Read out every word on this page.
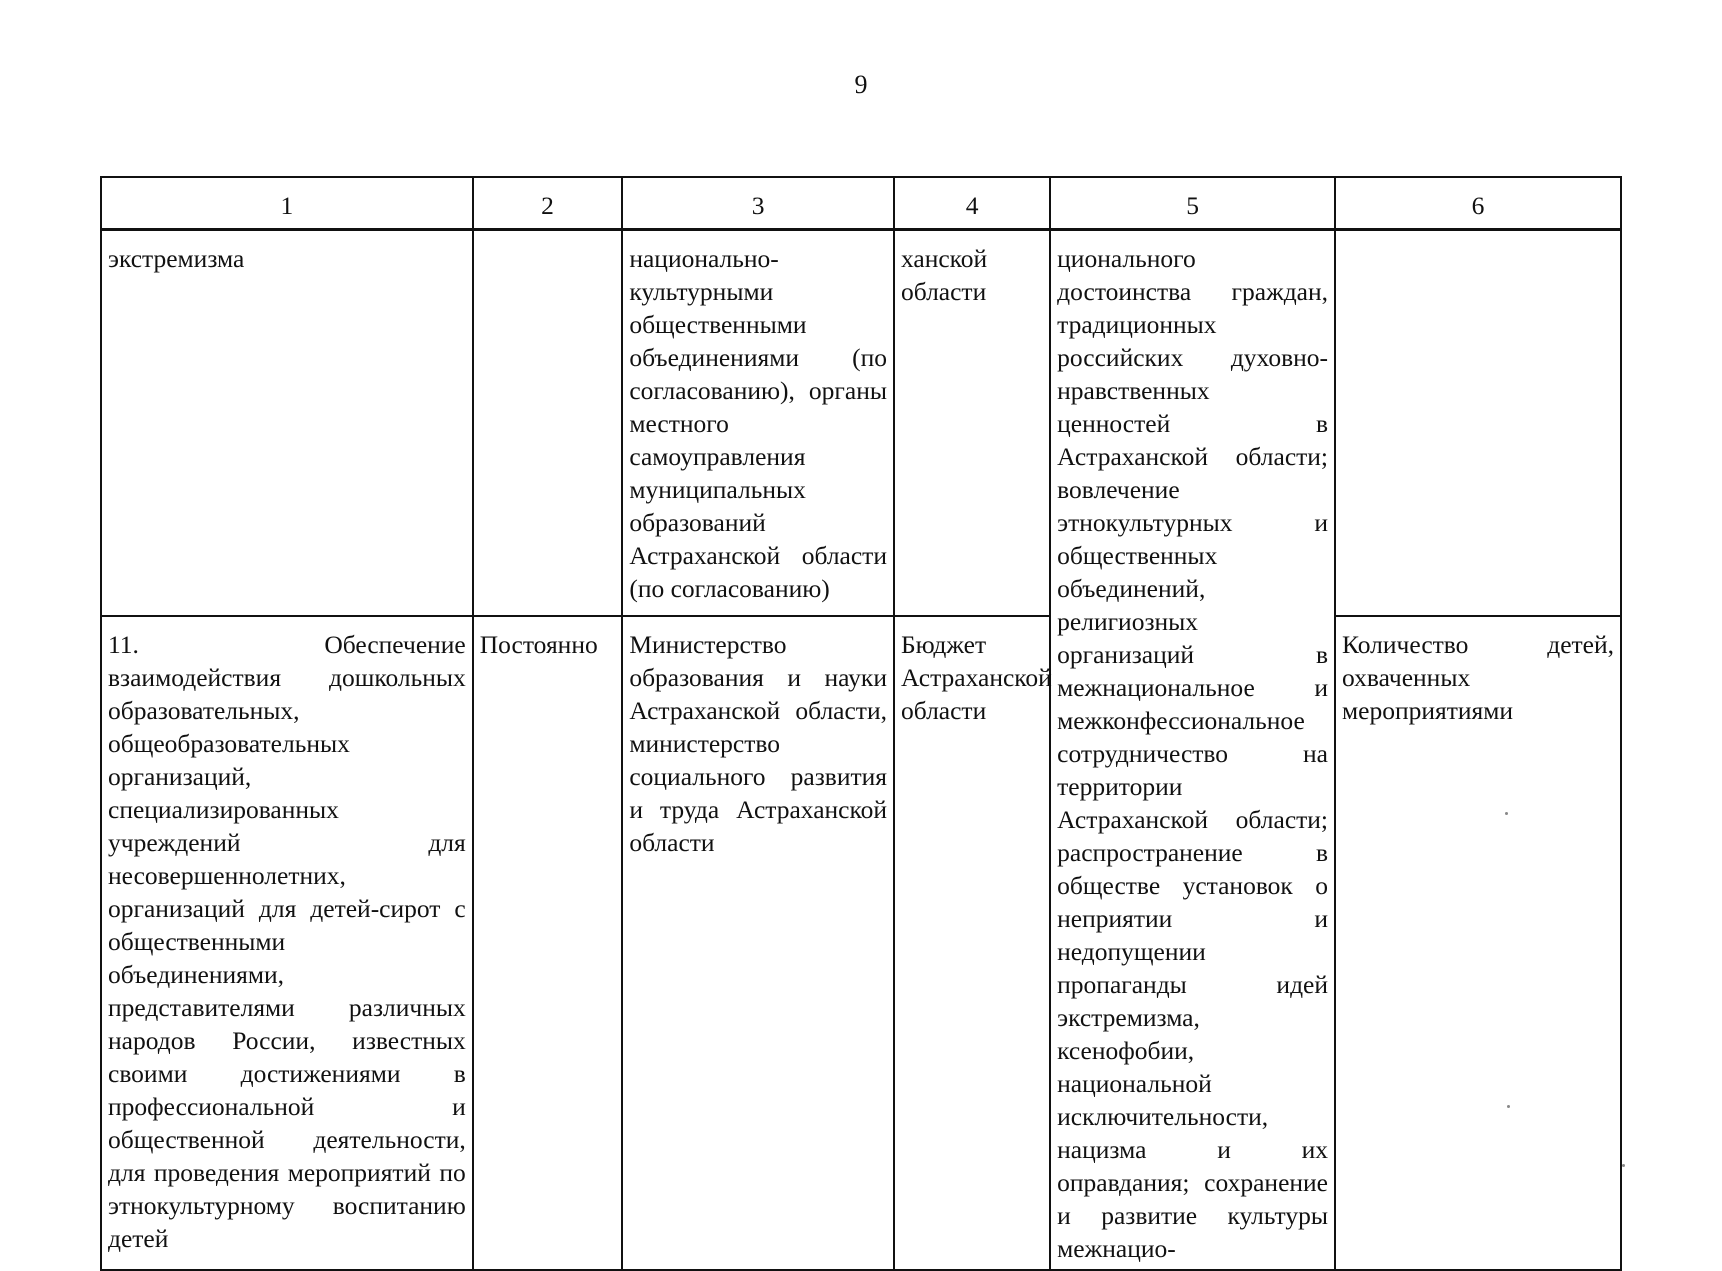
9
1	2	3	4	5	6

экстремизма		национально-культурными общественными объединениями (по согласованию), органы местного самоуправления муниципальных образований Астраханской области (по согласованию)	ханской области	ционального достоинства граждан, традиционных российских духовно-нравственных ценностей в Астраханской области; вовлечение этнокультурных и общественных объединений, религиозных организаций в межнациональное и межконфессиональное сотрудничество на территории Астраханской области; распространение в обществе установок о неприятии и недопущении пропаганды идей экстремизма, ксенофобии, национальной исключительности, нацизма и их оправдания; сохранение и развитие культуры межнацио-	

11. Обеспечение взаимодействия дошкольных образовательных, общеобразовательных организаций, специализированных учреждений для несовершеннолетних, организаций для детей-сирот с общественными объединениями, представителями различных народов России, известных своими достижениями в профессиональной и общественной деятельности, для проведения мероприятий по этнокультурному воспитанию детей	Постоянно	Министерство образования и науки Астраханской области, министерство социального развития и труда Астраханской области	Бюджет Астраханской области		Количество детей, охваченных мероприятиями
